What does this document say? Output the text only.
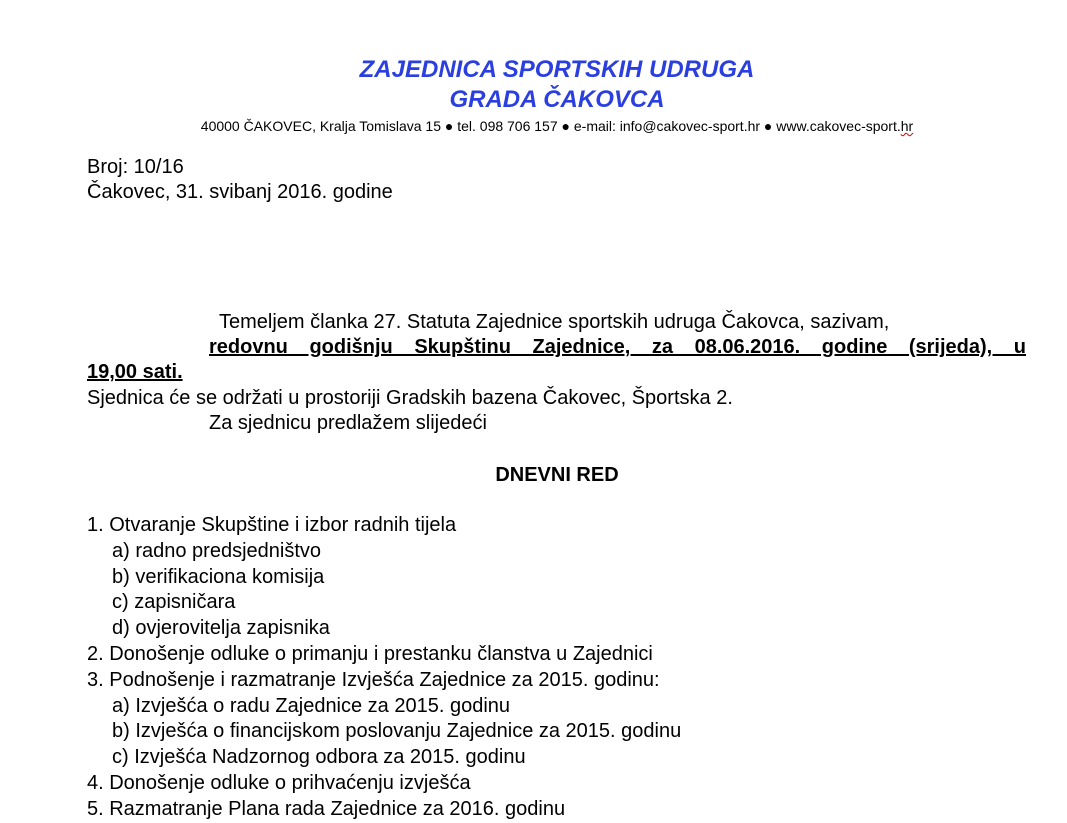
ZAJEDNICA SPORTSKIH UDRUGA
GRADA ČAKOVCA
40000 ČAKOVEC, Kralja Tomislava 15 ● tel. 098 706 157 ● e-mail: info@cakovec-sport.hr ● www.cakovec-sport.hr
Broj: 10/16
Čakovec, 31. svibanj 2016. godine
Temeljem članka 27. Statuta Zajednice sportskih udruga Čakovca, sazivam,
redovnu godišnju Skupštinu Zajednice, za 08.06.2016. godine (srijeda), u
19,00 sati.
Sjednica će se održati u prostoriji Gradskih bazena Čakovec, Športska 2.
Za sjednicu predlažem slijedeći
DNEVNI RED
1. Otvaranje Skupštine i izbor radnih tijela
a) radno predsjedništvo
b) verifikaciona komisija
c) zapisničara
d) ovjerovitelja zapisnika
2. Donošenje odluke o primanju i prestanku članstva u Zajednici
3. Podnošenje i razmatranje Izvješća Zajednice za 2015. godinu:
a) Izvješća o radu Zajednice za 2015. godinu
b) Izvješća o financijskom poslovanju Zajednice za 2015. godinu
c) Izvješća Nadzornog odbora za 2015. godinu
4. Donošenje odluke o prihvaćenju izvješća
5. Razmatranje Plana rada Zajednice za 2016. godinu
